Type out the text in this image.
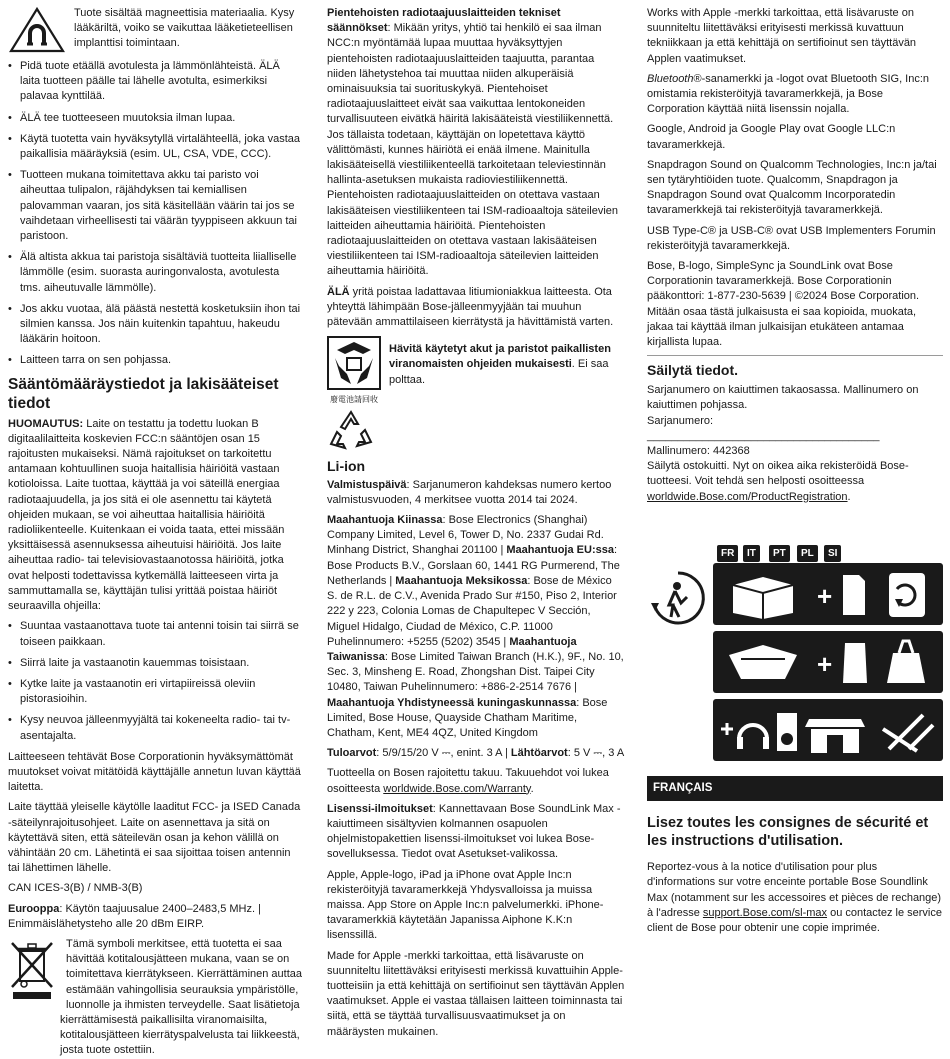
Tuote sisältää magneettisia materiaalia. Kysy lääkäriltä, voiko se vaikuttaa lääketieteellisen implanttisi toimintaan.
• Pidä tuote etäällä avotulesta ja lämmönlähteistä. ÄLÄ laita tuotteen päälle tai lähelle avotulta, esimerkiksi palavaa kynttilää.
• ÄLÄ tee tuotteeseen muutoksia ilman lupaa.
• Käytä tuotetta vain hyväksytyllä virtalähteellä, joka vastaa paikallisia määräyksiä (esim. UL, CSA, VDE, CCC).
• Tuotteen mukana toimitettava akku tai paristo voi aiheuttaa tulipalon, räjähdyksen tai kemiallisen palovamman vaaran, jos sitä käsitellään väärin tai jos se vaihdetaan virheellisesti tai väärän tyyppiseen akkuun tai paristoon.
• Älä altista akkua tai paristoja sisältäviä tuotteita liialliselle lämmölle (esim. suorasta auringonvalosta, avotulesta tms. aiheutuvalle lämmölle).
• Jos akku vuotaa, älä päästä nestettä kosketuksiin ihon tai silmien kanssa. Jos näin kuitenkin tapahtuu, hakeudu lääkärin hoitoon.
• Laitteen tarra on sen pohjassa.
Sääntömääräystiedot ja lakisääteiset tiedot

HUOMAUTUS: Laite on testattu ja todettu luokan B digitaalilaitteita koskevien FCC:n sääntöjen osan 15 rajoitusten mukaiseksi. Nämä rajoitukset on tarkoitettu antamaan kohtuullinen suoja haitallisia häiriöitä vastaan kotioloissa. Laite tuottaa, käyttää ja voi säteillä energiaa radiotaajuudella, ja jos sitä ei ole asennettu tai käytetä ohjeiden mukaan, se voi aiheuttaa haitallisia häiriöitä radioliikenteelle. Kuitenkaan ei voida taata, ettei missään yksittäisessä asennuksessa aiheutuisi häiriöitä. Jos laite aiheuttaa radio- tai televisiovastaanotossa häiriöitä, jotka ovat helposti todettavissa kytkemällä laitteeseen virta ja sammuttamalla se, käyttäjän tulisi yrittää poistaa häiriöt seuraavilla ohjeilla:

• Suuntaa vastaanottava tuote tai antenni toisin tai siirrä se toiseen paikkaan.
• Siirrä laite ja vastaanotin kauemmas toisistaan.
• Kytke laite ja vastaanotin eri virtapiireissä oleviin pistorasioihin.
• Kysy neuvoa jälleenmyyjältä tai kokeneelta radio- tai tv-asentajalta.

Laitteeseen tehtävät Bose Corporationin hyväksymättömät muutokset voivat mitätöidä käyttäjälle annetun luvan käyttää laitetta.

Laite täyttää yleiselle käytölle laaditut FCC- ja ISED Canada -säteilynrajoitusohjeet. Laite on asennettava ja sitä on käytettävä siten, että säteilevän osan ja kehon välillä on vähintään 20 cm. Lähetintä ei saa sijoittaa toisen antennin tai lähettimen lähelle.

CAN ICES-3(B) / NMB-3(B)

Eurooppa: Käytön taajuusalue 2400–2483,5 MHz. | Enimmäislähetysteho alle 20 dBm EIRP.

Tämä symboli merkitsee, että tuotetta ei saa hävittää kotitalousjätteen mukana, vaan se on toimitettava kierrätykseen. Kierrättäminen auttaa estämään vahingollisia seurauksia ympäristölle, luonnolle ja ihmisten terveydelle. Saat lisätietoja kierrättämisestä paikallisilta viranomaisilta, kotitalousjätteen kierrätyspalvelusta tai liikkeestä, josta tuote ostettiin.

Pientehoisten radiotaajuuslaitteiden tekniset säännökset: Mikään yritys, yhtiö tai henkilö ei saa ilman NCC:n myöntämää lupaa muuttaa hyväksyttyjen pientehoisten radiotaajuuslaitteiden taajuutta, parantaa niiden lähetystehoa tai muuttaa niiden alkuperäisiä ominaisuuksia tai suorituskykyä. Pientehoiset radiotaajuuslaitteet eivät saa vaikuttaa lentokoneiden turvallisuuteen eivätkä häiritä lakisääteistä viestiliikennettä. Jos tällaista todetaan, käyttäjän on lopetettava käyttö välittömästi, kunnes häiriötä ei enää ilmene. Mainitulla lakisääteisellä viestiliikenteellä tarkoitetaan televiestinnän hallinta-asetuksen mukaista radioviestiliikennettä. Pientehoisten radiotaajuuslaitteiden on otettava vastaan lakisääteisen viestiliikenteen tai ISM-radioaaltoja säteilevien laitteiden aiheuttamia häiriöitä. Pientehoisten radiotaajuuslaitteiden on otettava vastaan lakisääteisen viestiliikenteen tai ISM-radioaaltoja säteilevien laitteiden aiheuttamia häiriöitä.

ÄLÄ yritä poistaa ladattavaa litiumioniakkua laitteesta. Ota yhteyttä lähimpään Bose-jälleenmyyjään tai muuhun pätevään ammattilaiseen kierrätystä ja hävittämistä varten.

廢電池請回收
Hävitä käytetyt akut ja paristot paikallisten viranomaisten ohjeiden mukaisesti. Ei saa polttaa.
Li-ion

Valmistuspäivä: Sarjanumeron kahdeksas numero kertoo valmistusvuoden, 4 merkitsee vuotta 2014 tai 2024.

Maahantuoja Kiinassa: Bose Electronics (Shanghai) Company Limited, Level 6, Tower D, No. 2337 Gudai Rd. Minhang District, Shanghai 201100 | Maahantuoja EU:ssa: Bose Products B.V., Gorslaan 60, 1441 RG Purmerend, The Netherlands | Maahantuoja Meksikossa: Bose de México S. de R.L. de C.V., Avenida Prado Sur #150, Piso 2, Interior 222 y 223, Colonia Lomas de Chapultepec V Sección, Miguel Hidalgo, Ciudad de México, C.P. 11000 Puhelinnumero: +5255 (5202) 3545 | Maahantuoja Taiwanissa: Bose Limited Taiwan Branch (H.K.), 9F., No. 10, Sec. 3, Minsheng E. Road, Zhongshan Dist. Taipei City 10480, Taiwan Puhelinnumero: +886-2-2514 7676 | Maahantuoja Yhdistyneessä kuningaskunnassa: Bose Limited, Bose House, Quayside Chatham Maritime, Chatham, Kent, ME4 4QZ, United Kingdom

Tuloarvot: 5/9/15/20 V ⎓, enint. 3 A | Lähtöarvot: 5 V ⎓, 3 A

Tuotteella on Bosen rajoitettu takuu. Takuuehdot voi lukea osoitteesta worldwide.Bose.com/Warranty.

Lisenssi-ilmoitukset: Kannettavaan Bose SoundLink Max -kaiuttimeen sisältyvien kolmannen osapuolen ohjelmistopakettien lisenssi-ilmoitukset voi lukea Bose-sovelluksessa. Tiedot ovat Asetukset-valikossa.

Apple, Apple-logo, iPad ja iPhone ovat Apple Inc:n rekisteröityjä tavaramerkkejä Yhdysvalloissa ja muissa maissa. App Store on Apple Inc:n palvelumerkki. iPhone-tavaramerkkiä käytetään Japanissa Aiphone K.K:n lisenssillä.

Made for Apple -merkki tarkoittaa, että lisävaruste on suunniteltu liitettäväksi erityisesti merkissä kuvattuihin Apple-tuotteisiin ja että kehittäjä on sertifioinut sen täyttävän Applen vaatimukset. Apple ei vastaa tällaisen laitteen toiminnasta tai siitä, että se täyttää turvallisuusvaatimukset ja on määräysten mukainen.

Works with Apple -merkki tarkoittaa, että lisävaruste on suunniteltu liitettäväksi erityisesti merkissä kuvattuun tekniikkaan ja että kehittäjä on sertifioinut sen täyttävän Applen vaatimukset.

Bluetooth®-sanamerkki ja -logot ovat Bluetooth SIG, Inc:n omistamia rekisteröityjä tavaramerkkejä, ja Bose Corporation käyttää niitä lisenssin nojalla.

Google, Android ja Google Play ovat Google LLC:n tavaramerkkejä.

Snapdragon Sound on Qualcomm Technologies, Inc:n ja/tai sen tytäryhtiöiden tuote. Qualcomm, Snapdragon ja Snapdragon Sound ovat Qualcomm Incorporatedin tavaramerkkejä tai rekisteröityjä tavaramerkkejä.

USB Type-C® ja USB-C® ovat USB Implementers Forumin rekisteröityjä tavaramerkkejä.

Bose, B-logo, SimpleSync ja SoundLink ovat Bose Corporationin tavaramerkkejä. Bose Corporationin pääkonttori: 1-877-230-5639 | ©2024 Bose Corporation. Mitään osaa tästä julkaisusta ei saa kopioida, muokata, jakaa tai käyttää ilman julkaisijan etukäteen antamaa kirjallista lupaa.

Säilytä tiedot.

Sarjanumero on kaiuttimen takaosassa. Mallinumero on kaiuttimen pohjassa.

Sarjanumero: ______________________________________

Mallinumero: 442368

Säilytä ostokuitti. Nyt on oikea aika rekisteröidä Bose-tuotteesi. Voit tehdä sen helposti osoitteessa
worldwide.Bose.com/ProductRegistration.

FR	IT	PT	PL	SI
+
+
FRANÇAIS
Lisez toutes les consignes de sécurité et les instructions d'utilisation.

Reportez-vous à la notice d'utilisation pour plus d'informations sur votre enceinte portable Bose Soundlink Max (notamment sur les accessoires et pièces de rechange) à l'adresse support.Bose.com/sl-max ou contactez le service client de Bose pour obtenir une copie imprimée.
